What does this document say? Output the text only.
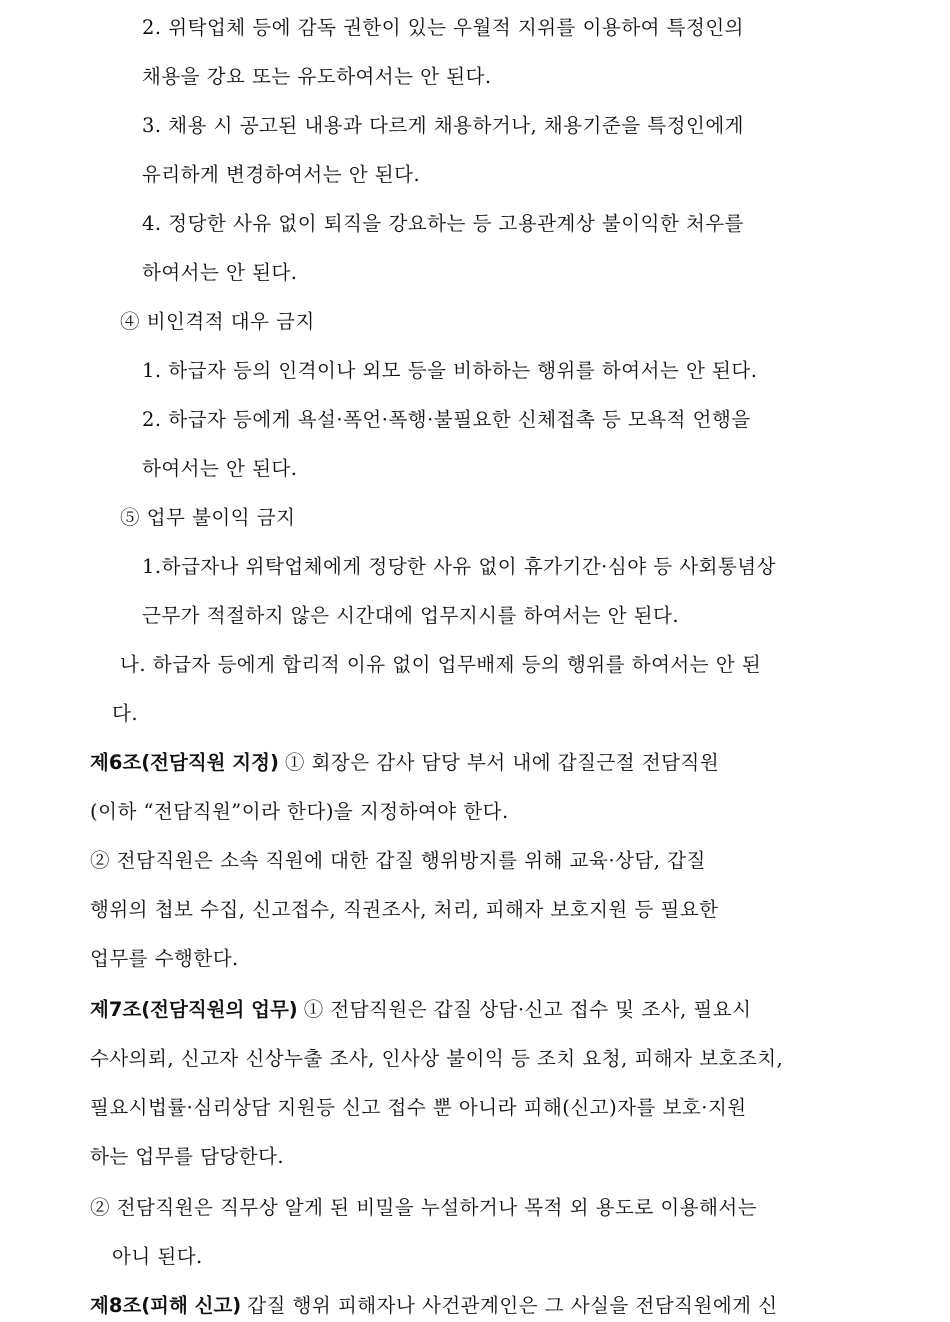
2. 위탁업체 등에 감독 권한이 있는 우월적 지위를 이용하여 특정인의
채용을 강요 또는 유도하여서는 안 된다.
3. 채용 시 공고된 내용과 다르게 채용하거나, 채용기준을 특정인에게
유리하게 변경하여서는 안 된다.
4. 정당한 사유 없이 퇴직을 강요하는 등 고용관계상 불이익한 처우를
하여서는 안 된다.
④ 비인격적 대우 금지
1. 하급자 등의 인격이나 외모 등을 비하하는 행위를 하여서는 안 된다.
2. 하급자 등에게 욕설·폭언·폭행·불필요한 신체접촉 등 모욕적 언행을
하여서는 안 된다.
⑤ 업무 불이익 금지
1.하급자나 위탁업체에게 정당한 사유 없이 휴가기간·심야 등 사회통념상
근무가 적절하지 않은 시간대에 업무지시를 하여서는 안 된다.
나. 하급자 등에게 합리적 이유 없이 업무배제 등의 행위를 하여서는 안 된
다.
제6조(전담직원 지정) ① 회장은 감사 담당 부서 내에 갑질근절 전담직원
(이하 “전담직원”이라 한다)을 지정하여야 한다.
② 전담직원은 소속 직원에 대한 갑질 행위방지를 위해 교육·상담, 갑질
행위의 첩보 수집, 신고접수, 직권조사, 처리, 피해자 보호지원 등 필요한
업무를 수행한다.
제7조(전담직원의 업무) ① 전담직원은 갑질 상담·신고 접수 및 조사, 필요시
수사의뢰, 신고자 신상누출 조사, 인사상 불이익 등 조치 요청, 피해자 보호조치,
필요시법률·심리상담 지원등 신고 접수 뿐 아니라 피해(신고)자를 보호·지원
하는 업무를 담당한다.
② 전담직원은 직무상 알게 된 비밀을 누설하거나 목적 외 용도로 이용해서는
아니 된다.
제8조(피해 신고) 갑질 행위 피해자나 사건관계인은 그 사실을 전담직원에게 신
